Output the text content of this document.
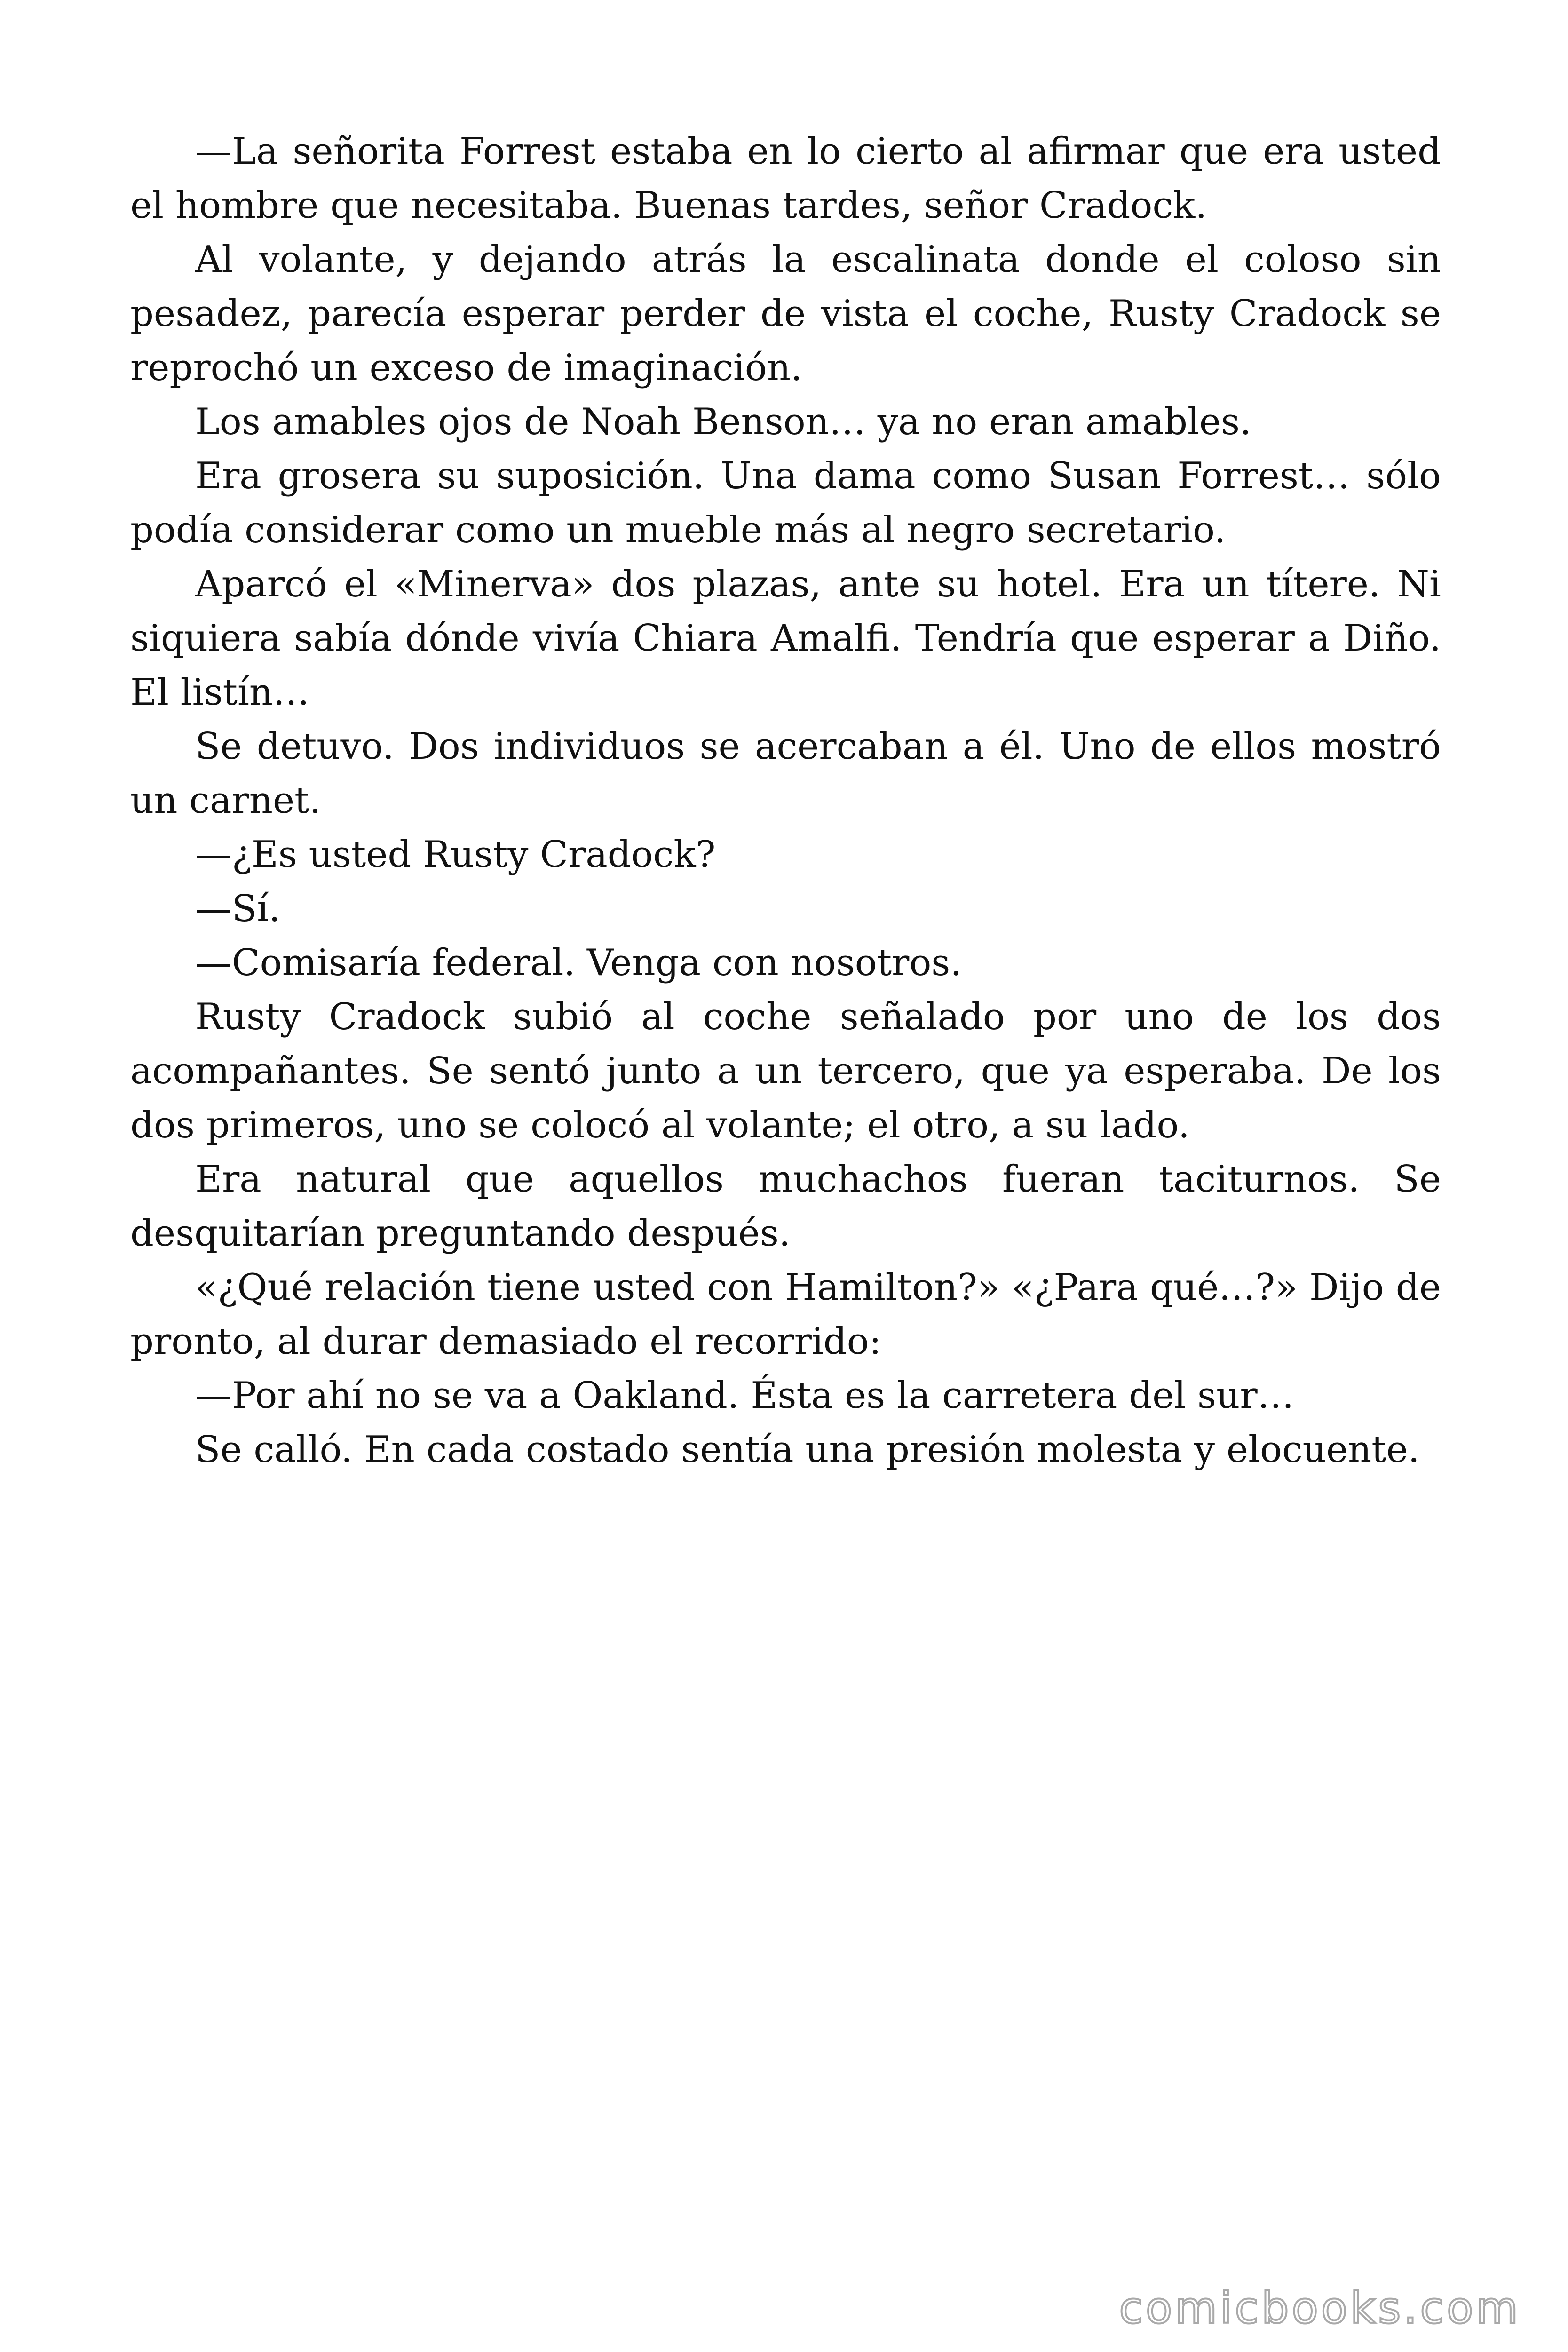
—La señorita Forrest estaba en lo cierto al afirmar que era usted el hombre que necesitaba. Buenas tardes, señor Cradock.

Al volante, y dejando atrás la escalinata donde el coloso sin pesadez, parecía esperar perder de vista el coche, Rusty Cradock se reprochó un exceso de imaginación.

Los amables ojos de Noah Benson… ya no eran amables.

Era grosera su suposición. Una dama como Susan Forrest… sólo podía considerar como un mueble más al negro secretario.

Aparcó el «Minerva» dos plazas, ante su hotel. Era un títere. Ni siquiera sabía dónde vivía Chiara Amalfi. Tendría que esperar a Diño. El listín…

Se detuvo. Dos individuos se acercaban a él. Uno de ellos mostró un carnet.

—¿Es usted Rusty Cradock?

—Sí.

—Comisaría federal. Venga con nosotros.

Rusty Cradock subió al coche señalado por uno de los dos acompañantes. Se sentó junto a un tercero, que ya esperaba. De los dos primeros, uno se colocó al volante; el otro, a su lado.

Era natural que aquellos muchachos fueran taciturnos. Se desquitarían preguntando después.

«¿Qué relación tiene usted con Hamilton?» «¿Para qué…?» Dijo de pronto, al durar demasiado el recorrido:

—Por ahí no se va a Oakland. Ésta es la carretera del sur…

Se calló. En cada costado sentía una presión molesta y elocuente.

comicbooks.com
